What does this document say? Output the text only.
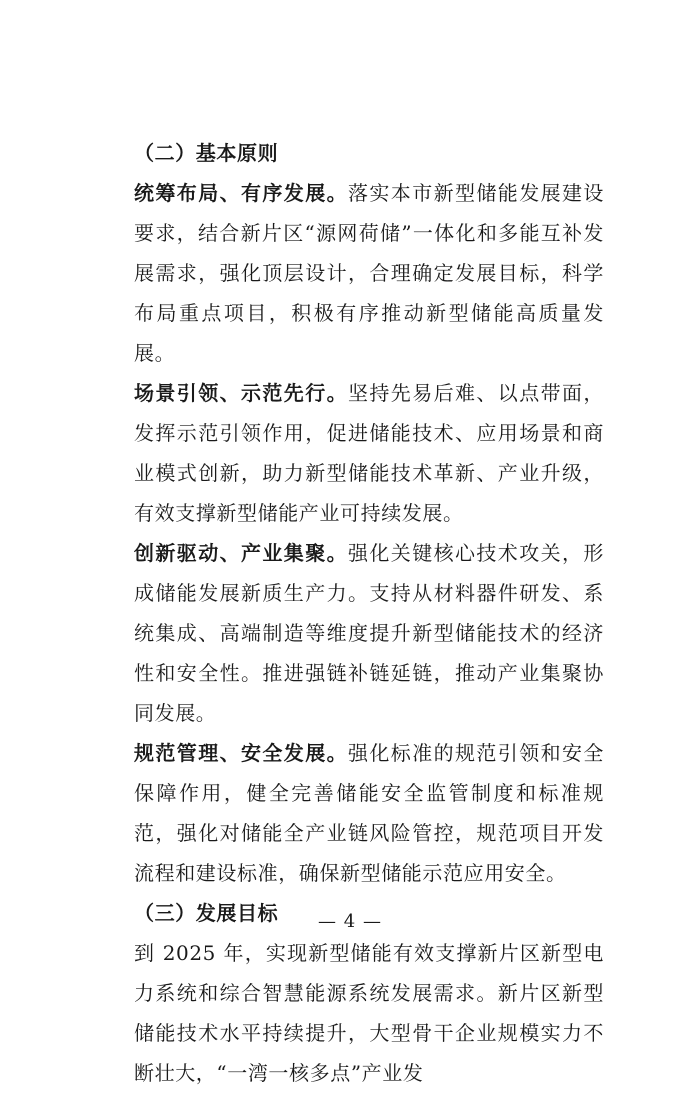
（二）基本原则

统筹布局、有序发展。落实本市新型储能发展建设要求，结合新片区“源网荷储”一体化和多能互补发展需求，强化顶层设计，合理确定发展目标，科学布局重点项目，积极有序推动新型储能高质量发展。

场景引领、示范先行。坚持先易后难、以点带面，发挥示范引领作用，促进储能技术、应用场景和商业模式创新，助力新型储能技术革新、产业升级，有效支撑新型储能产业可持续发展。

创新驱动、产业集聚。强化关键核心技术攻关，形成储能发展新质生产力。支持从材料器件研发、系统集成、高端制造等维度提升新型储能技术的经济性和安全性。推进强链补链延链，推动产业集聚协同发展。

规范管理、安全发展。强化标准的规范引领和安全保障作用，健全完善储能安全监管制度和标准规范，强化对储能全产业链风险管控，规范项目开发流程和建设标准，确保新型储能示范应用安全。

（三）发展目标

到 2025 年，实现新型储能有效支撑新片区新型电力系统和综合智慧能源系统发展需求。新片区新型储能技术水平持续提升，大型骨干企业规模实力不断壮大，“一湾一核多点”产业发

— 4 —
